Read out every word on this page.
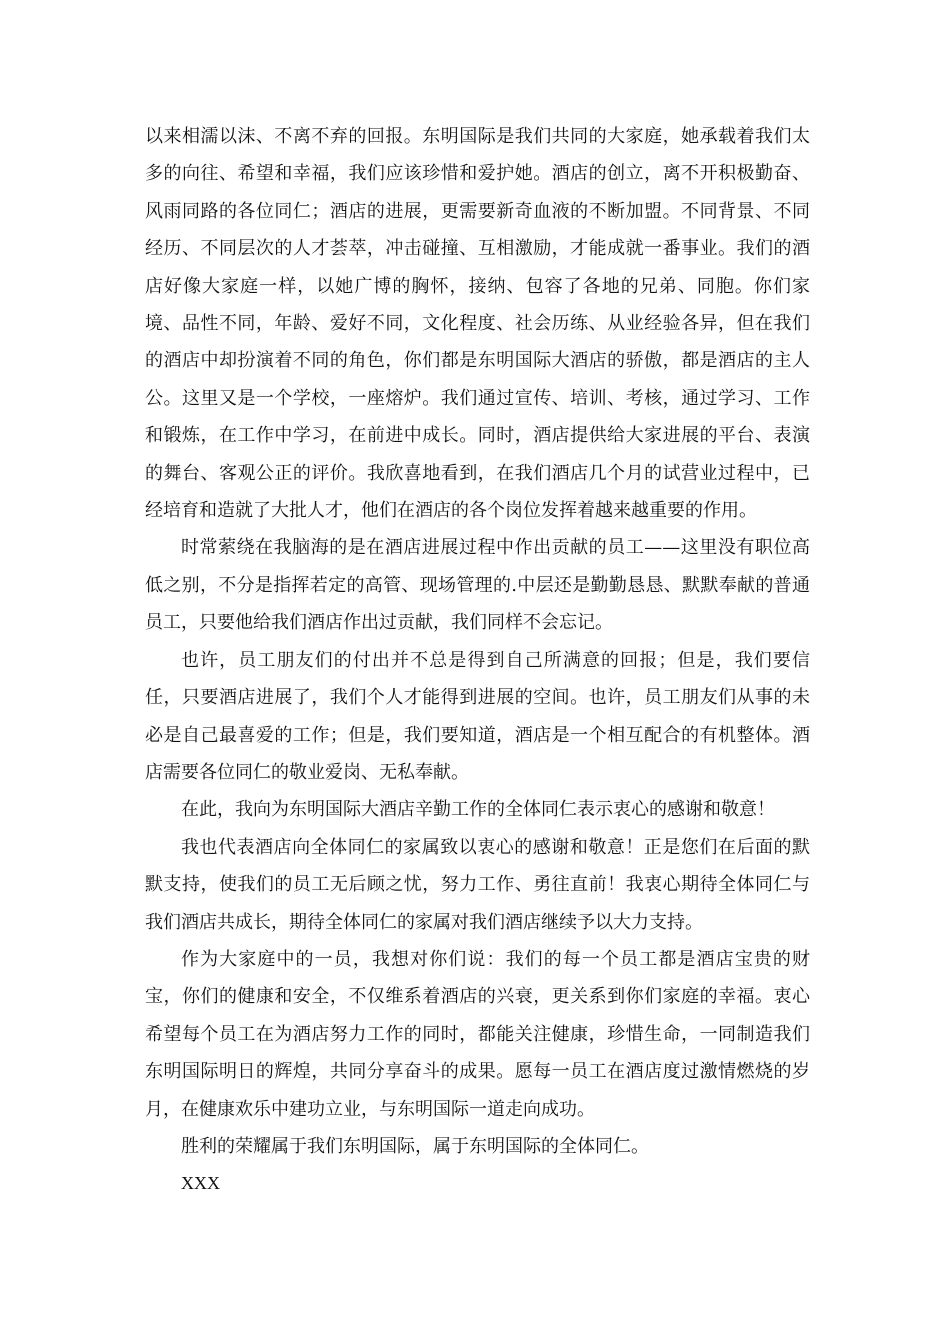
以来相濡以沫、不离不弃的回报。东明国际是我们共同的大家庭，她承载着我们太多的向往、希望和幸福，我们应该珍惜和爱护她。酒店的创立，离不开积极勤奋、风雨同路的各位同仁；酒店的进展，更需要新奇血液的不断加盟。不同背景、不同经历、不同层次的人才荟萃，冲击碰撞、互相激励，才能成就一番事业。我们的酒店好像大家庭一样，以她广博的胸怀，接纳、包容了各地的兄弟、同胞。你们家境、品性不同，年龄、爱好不同，文化程度、社会历练、从业经验各异，但在我们的酒店中却扮演着不同的角色，你们都是东明国际大酒店的骄傲，都是酒店的主人公。这里又是一个学校，一座熔炉。我们通过宣传、培训、考核，通过学习、工作和锻炼，在工作中学习，在前进中成长。同时，酒店提供给大家进展的平台、表演的舞台、客观公正的评价。我欣喜地看到，在我们酒店几个月的试营业过程中，已经培育和造就了大批人才，他们在酒店的各个岗位发挥着越来越重要的作用。

时常萦绕在我脑海的是在酒店进展过程中作出贡献的员工——这里没有职位高低之别，不分是指挥若定的高管、现场管理的.中层还是勤勤恳恳、默默奉献的普通员工，只要他给我们酒店作出过贡献，我们同样不会忘记。

也许，员工朋友们的付出并不总是得到自己所满意的回报；但是，我们要信任，只要酒店进展了，我们个人才能得到进展的空间。也许，员工朋友们从事的未必是自己最喜爱的工作；但是，我们要知道，酒店是一个相互配合的有机整体。酒店需要各位同仁的敬业爱岗、无私奉献。

在此，我向为东明国际大酒店辛勤工作的全体同仁表示衷心的感谢和敬意！

我也代表酒店向全体同仁的家属致以衷心的感谢和敬意！正是您们在后面的默默支持，使我们的员工无后顾之忧，努力工作、勇往直前！我衷心期待全体同仁与我们酒店共成长，期待全体同仁的家属对我们酒店继续予以大力支持。

作为大家庭中的一员，我想对你们说：我们的每一个员工都是酒店宝贵的财宝，你们的健康和安全，不仅维系着酒店的兴衰，更关系到你们家庭的幸福。衷心希望每个员工在为酒店努力工作的同时，都能关注健康，珍惜生命，一同制造我们东明国际明日的辉煌，共同分享奋斗的成果。愿每一员工在酒店度过激情燃烧的岁月，在健康欢乐中建功立业，与东明国际一道走向成功。

胜利的荣耀属于我们东明国际，属于东明国际的全体同仁。

XXX
